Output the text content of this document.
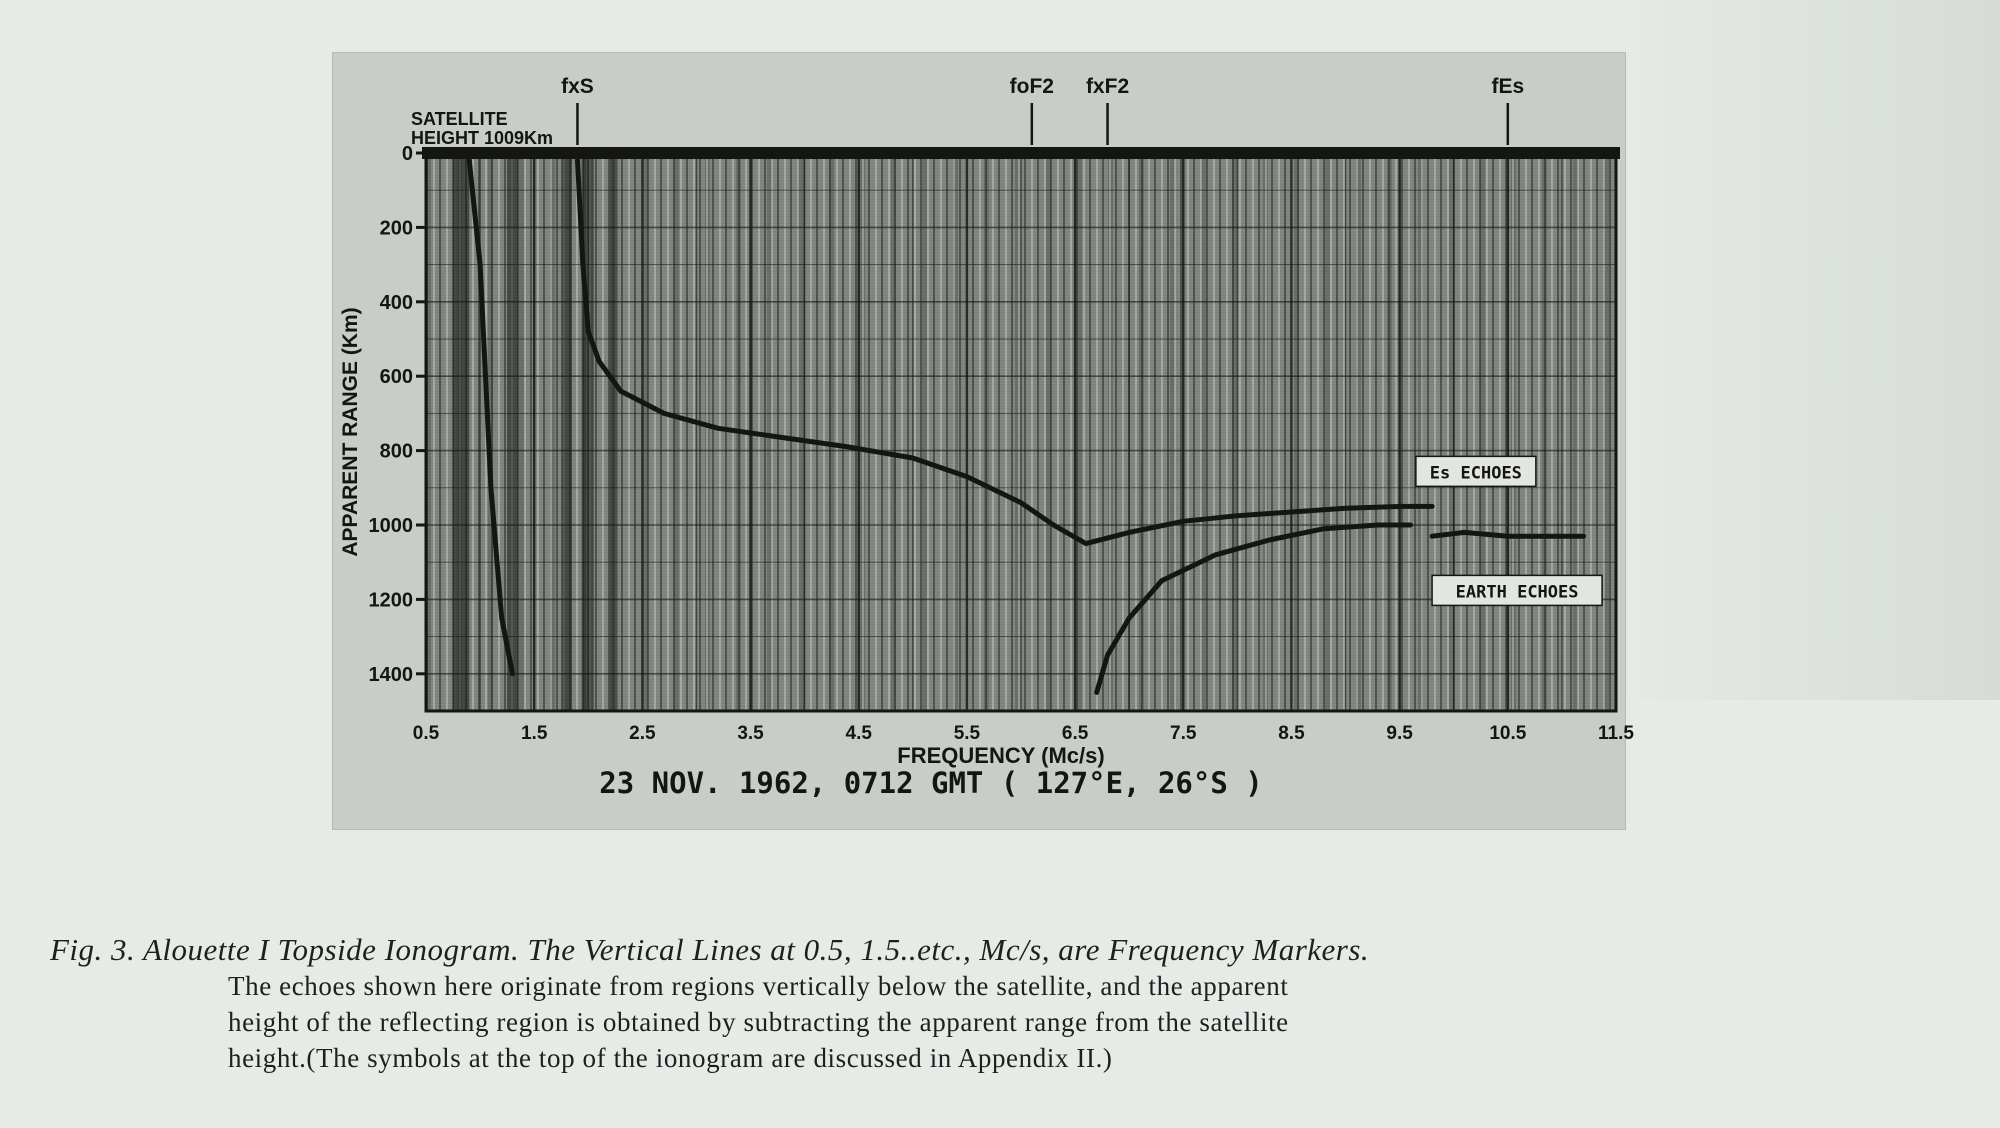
0
200
400
600
800
1000
1200
1400
0.5	1.5	2.5	3.5	4.5	5.5	6.5	7.5	8.5	9.5	10.5	11.5
FREQUENCY (Mc/s)
APPARENT RANGE (Km)
fxS	foF2 fxF2	fEs
SATELLITE
HEIGHT 1009Km
Es ECHOES
EARTH ECHOES
23 NOV. 1962, 0712 GMT ( 127°E, 26°S )
Fig. 3. Alouette I Topside Ionogram. The Vertical Lines at 0.5, 1.5..etc., Mc/s, are Frequency Markers.
The echoes shown here originate from regions vertically below the satellite, and the apparent
height of the reflecting region is obtained by subtracting the apparent range from the satellite
height.(The symbols at the top of the ionogram are discussed in Appendix II.)
